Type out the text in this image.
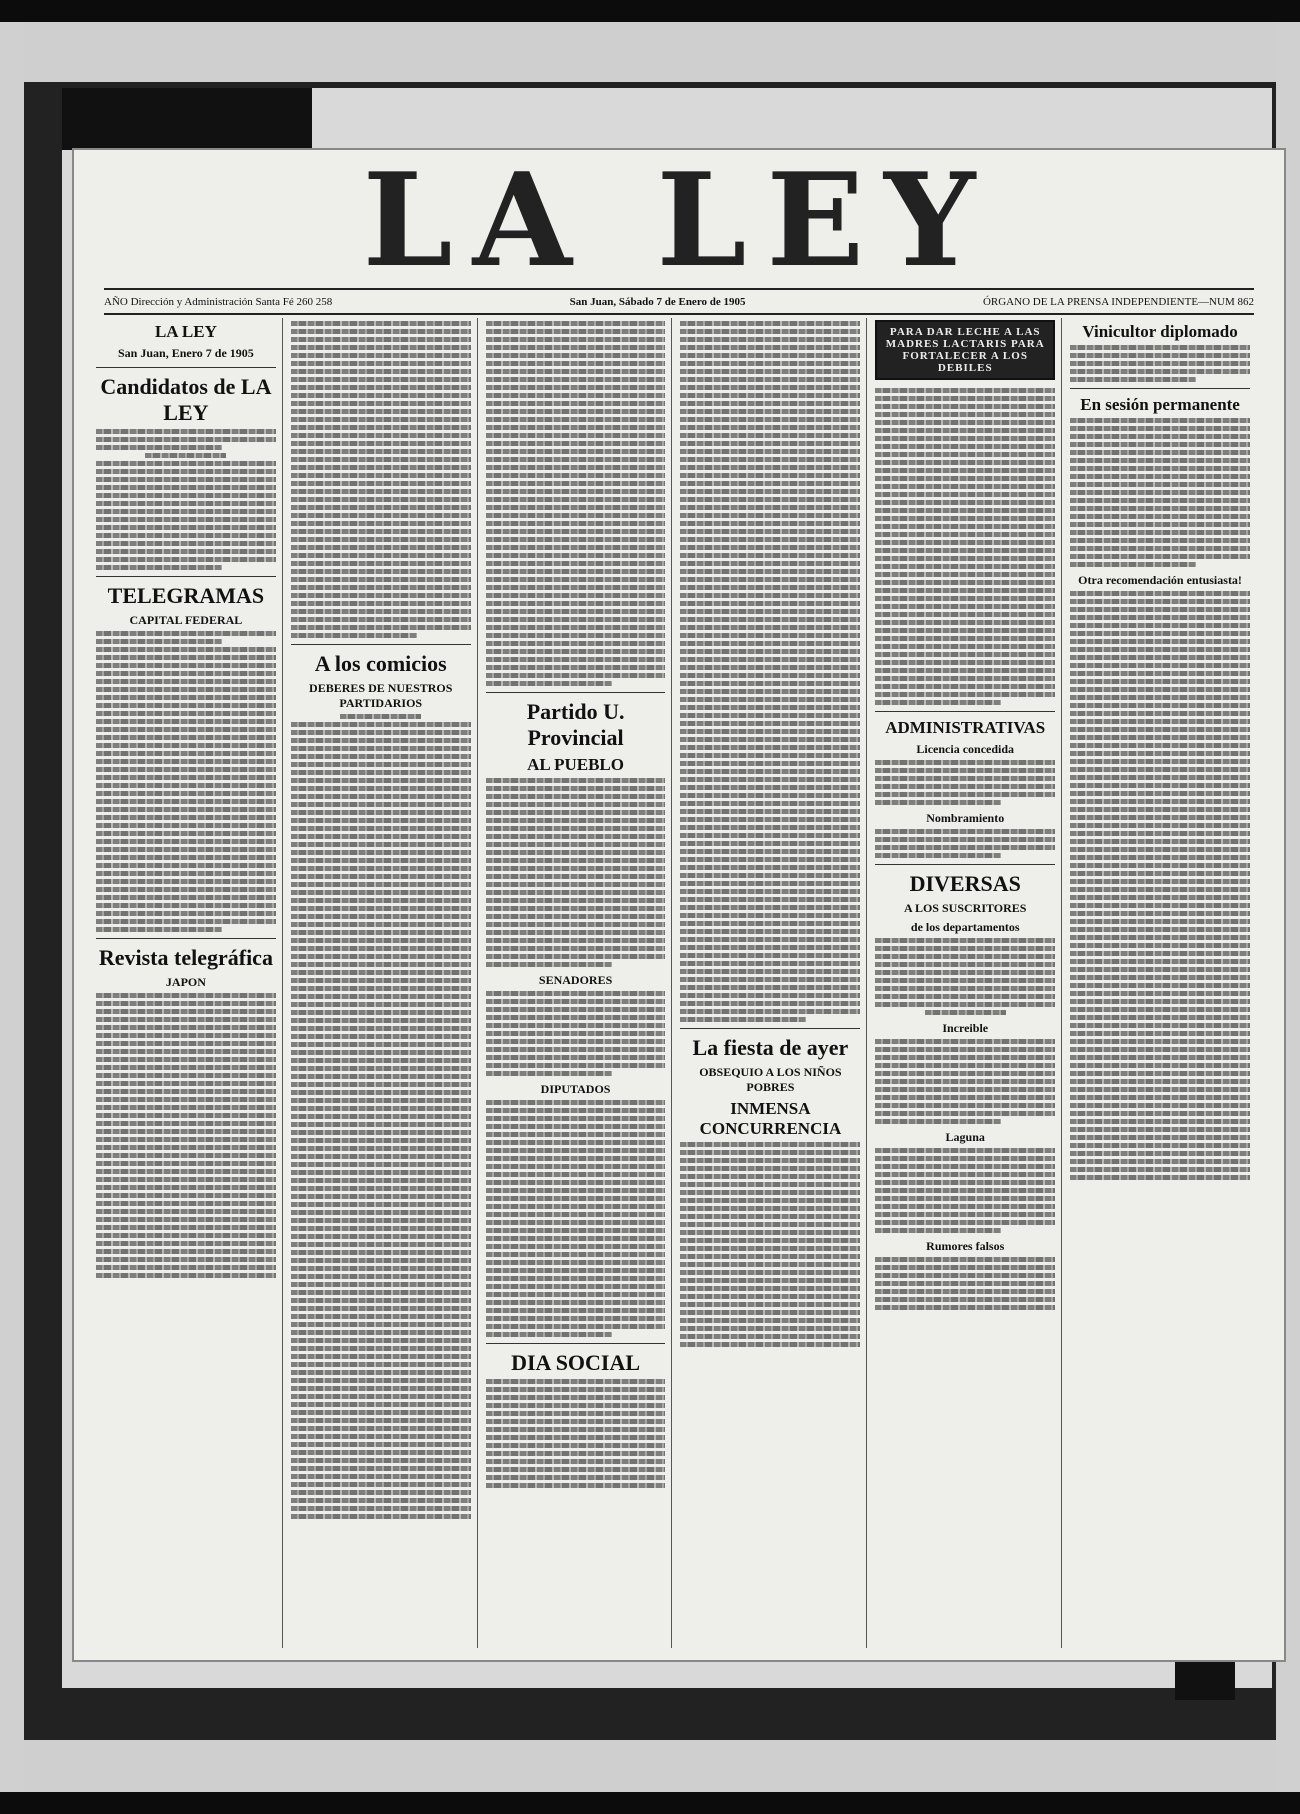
LA LEY
AÑO Dirección y Administración Santa Fé 260 258	San Juan, Sábado 7 de Enero de 1905	ÓRGANO DE LA PRENSA INDEPENDIENTE—NUM 862
LA LEY
San Juan, Enero 7 de 1905
Candidatos de LA LEY
TELEGRAMAS
CAPITAL FEDERAL
Revista telegráfica
JAPON
A los comicios
DEBERES DE NUESTROS PARTIDARIOS	Partido U. Provincial
AL PUEBLO
SENADORES
DIPUTADOS
DIA SOCIAL
La fiesta de ayer
OBSEQUIO A LOS NIÑOS POBRES
INMENSA CONCURRENCIA
PARA DAR LECHE A LAS MADRES LACTARIS PARA FORTALECER A LOS DEBILES
ADMINISTRATIVAS
Licencia concedida
Nombramiento
DIVERSAS
A LOS SUSCRITORES
de los departamentos
Increible
Laguna
Rumores falsos
Vinicultor diplomado
En sesión permanente
Otra recomendación entusiasta!
